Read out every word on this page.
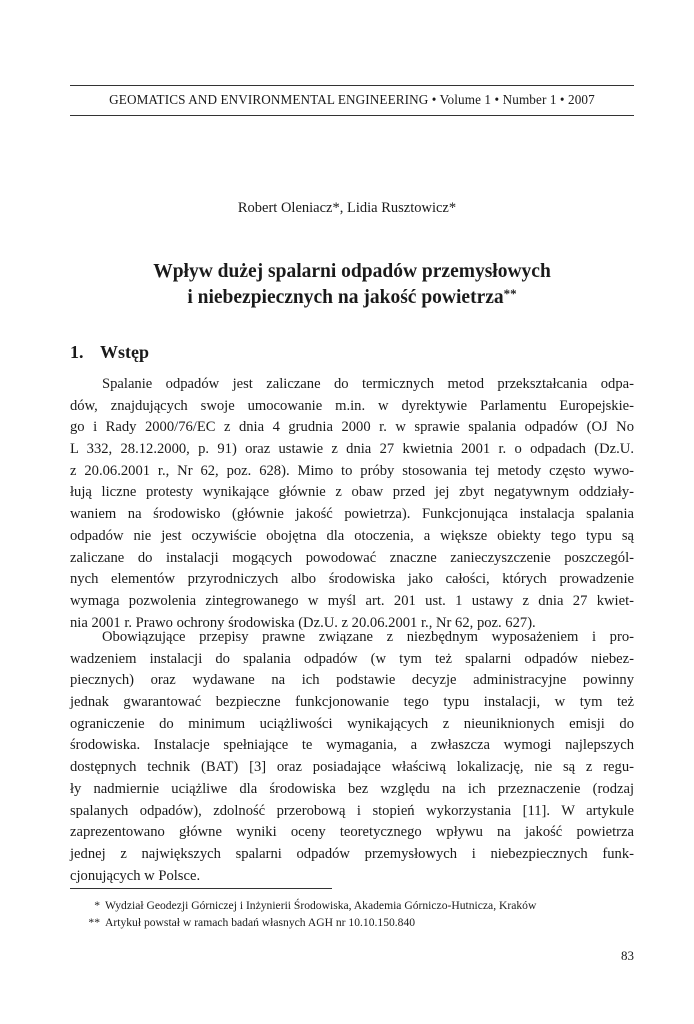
GEOMATICS AND ENVIRONMENTAL ENGINEERING • Volume 1 • Number 1 • 2007
Robert Oleniacz*, Lidia Rusztowicz*
Wpływ dużej spalarni odpadów przemysłowych
i niebezpiecznych na jakość powietrza**
1. Wstęp
Spalanie odpadów jest zaliczane do termicznych metod przekształcania odpa-
dów, znajdujących swoje umocowanie m.in. w dyrektywie Parlamentu Europejskie-
go i Rady 2000/76/EC z dnia 4 grudnia 2000 r. w sprawie spalania odpadów (OJ No
L 332, 28.12.2000, p. 91) oraz ustawie z dnia 27 kwietnia 2001 r. o odpadach (Dz.U.
z 20.06.2001 r., Nr 62, poz. 628). Mimo to próby stosowania tej metody często wywo-
łują liczne protesty wynikające głównie z obaw przed jej zbyt negatywnym oddziały-
waniem na środowisko (głównie jakość powietrza). Funkcjonująca instalacja spalania
odpadów nie jest oczywiście obojętna dla otoczenia, a większe obiekty tego typu są
zaliczane do instalacji mogących powodować znaczne zanieczyszczenie poszczegól-
nych elementów przyrodniczych albo środowiska jako całości, których prowadzenie
wymaga pozwolenia zintegrowanego w myśl art. 201 ust. 1 ustawy z dnia 27 kwiet-
nia 2001 r. Prawo ochrony środowiska (Dz.U. z 20.06.2001 r., Nr 62, poz. 627).
Obowiązujące przepisy prawne związane z niezbędnym wyposażeniem i pro-
wadzeniem instalacji do spalania odpadów (w tym też spalarni odpadów niebez-
piecznych) oraz wydawane na ich podstawie decyzje administracyjne powinny
jednak gwarantować bezpieczne funkcjonowanie tego typu instalacji, w tym też
ograniczenie do minimum uciążliwości wynikających z nieuniknionych emisji do
środowiska. Instalacje spełniające te wymagania, a zwłaszcza wymogi najlepszych
dostępnych technik (BAT) [3] oraz posiadające właściwą lokalizację, nie są z regu-
ły nadmiernie uciążliwe dla środowiska bez względu na ich przeznaczenie (rodzaj
spalanych odpadów), zdolność przerobową i stopień wykorzystania [11]. W artykule
zaprezentowano główne wyniki oceny teoretycznego wpływu na jakość powietrza
jednej z największych spalarni odpadów przemysłowych i niebezpiecznych funk-
cjonujących w Polsce.
* Wydział Geodezji Górniczej i Inżynierii Środowiska, Akademia Górniczo-Hutnicza, Kraków
** Artykuł powstał w ramach badań własnych AGH nr 10.10.150.840
83
